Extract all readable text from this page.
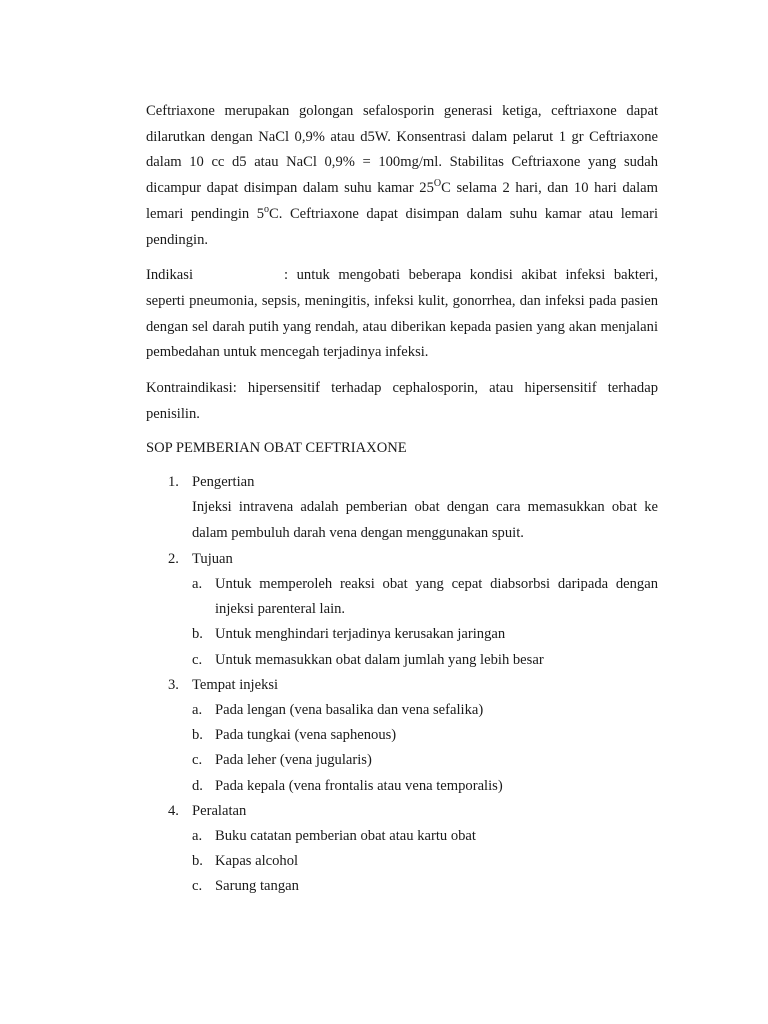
Ceftriaxone merupakan golongan sefalosporin generasi ketiga, ceftriaxone dapat dilarutkan dengan NaCl 0,9% atau d5W. Konsentrasi dalam pelarut 1 gr Ceftriaxone dalam 10 cc d5 atau NaCl 0,9% = 100mg/ml. Stabilitas Ceftriaxone yang sudah dicampur dapat disimpan dalam suhu kamar $25^OC$ selama 2 hari, dan 10 hari dalam lemari pendingin 5$^o$C. Ceftriaxone dapat disimpan dalam suhu kamar atau lemari pendingin.

Indikasi	: untuk mengobati beberapa kondisi akibat infeksi bakteri, seperti pneumonia, sepsis, meningitis, infeksi kulit, gonorrhea, dan infeksi pada pasien dengan sel darah putih yang rendah, atau diberikan kepada pasien yang akan menjalani pembedahan untuk mencegah terjadinya infeksi.

Kontraindikasi: hipersensitif terhadap cephalosporin, atau hipersensitif terhadap penisilin.

SOP PEMBERIAN OBAT CEFTRIAXONE

1. Pengertian
Injeksi intravena adalah pemberian obat dengan cara memasukkan obat ke dalam pembuluh darah vena dengan menggunakan spuit.
2. Tujuan
a. Untuk memperoleh reaksi obat yang cepat diabsorbsi daripada dengan injeksi parenteral lain.
b. Untuk menghindari terjadinya kerusakan jaringan
c. Untuk memasukkan obat dalam jumlah yang lebih besar
3. Tempat injeksi
a. Pada lengan (vena basalika dan vena sefalika)
b. Pada tungkai (vena saphenous)
c. Pada leher (vena jugularis)
d. Pada kepala (vena frontalis atau vena temporalis)
4. Peralatan
a. Buku catatan pemberian obat atau kartu obat
b. Kapas alcohol
c. Sarung tangan
